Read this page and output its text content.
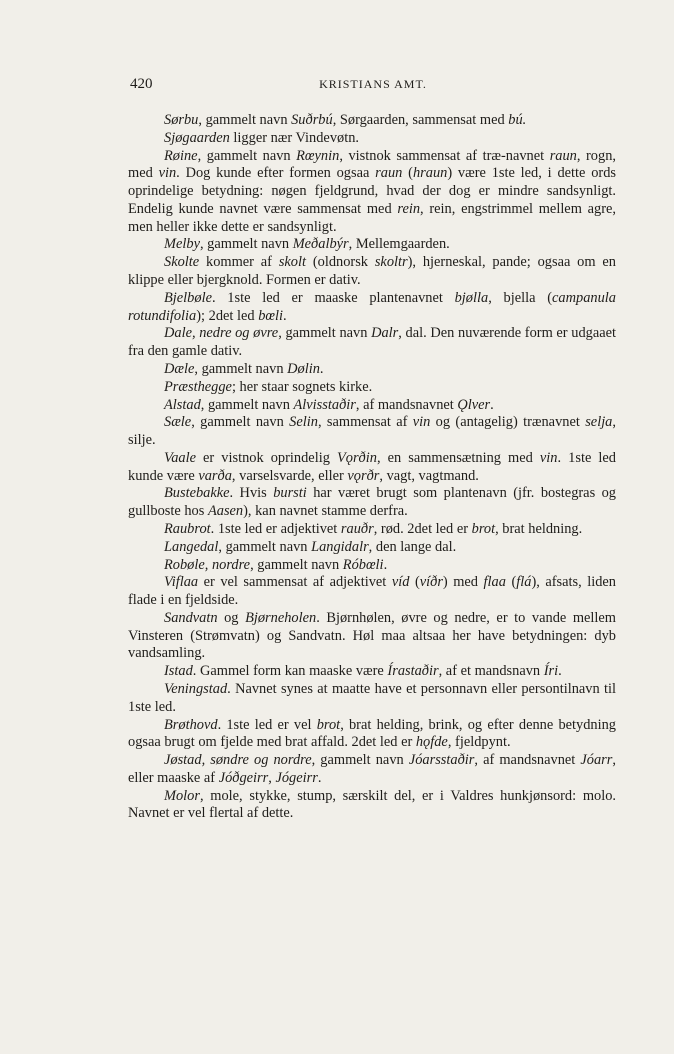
420	KRISTIANS AMT.

Sørbu, gammelt navn Suðrbú, Sørgaarden, sammensat med bú.

Sjøgaarden ligger nær Vindevøtn.

Røine, gammelt navn Rœynin, vistnok sammensat af træ-navnet raun, rogn, med vin. Dog kunde efter formen ogsaa raun (hraun) være 1ste led, i dette ords oprindelige betydning: nøgen fjeldgrund, hvad der dog er mindre sandsynligt. Endelig kunde navnet være sammensat med rein, rein, engstrimmel mellem agre, men heller ikke dette er sandsynligt.

Melby, gammelt navn Meðalbýr, Mellemgaarden.

Skolte kommer af skolt (oldnorsk skoltr), hjerneskal, pande; ogsaa om en klippe eller bjergknold. Formen er dativ.

Bjelbøle. 1ste led er maaske plantenavnet bjølla, bjella (campanula rotundifolia); 2det led bœli.

Dale, nedre og øvre, gammelt navn Dalr, dal. Den nuværende form er udgaaet fra den gamle dativ.

Dæle, gammelt navn Dølin.

Præsthegge; her staar sognets kirke.

Alstad, gammelt navn Alvisstaðir, af mandsnavnet Ǫlver.

Sæle, gammelt navn Selin, sammensat af vin og (antagelig) trænavnet selja, silje.

Vaale er vistnok oprindelig Vǫrðin, en sammensætning med vin. 1ste led kunde være varða, varselsvarde, eller vǫrðr, vagt, vagtmand.

Bustebakke. Hvis bursti har været brugt som plantenavn (jfr. bostegras og gullboste hos Aasen), kan navnet stamme derfra.

Raubrot. 1ste led er adjektivet rauðr, rød. 2det led er brot, brat heldning.

Langedal, gammelt navn Langidalr, den lange dal.

Robøle, nordre, gammelt navn Róbœli.

Viflaa er vel sammensat af adjektivet víd (víðr) med flaa (flá), afsats, liden flade i en fjeldside.

Sandvatn og Bjørneholen. Bjørnhølen, øvre og nedre, er to vande mellem Vinsteren (Strømvatn) og Sandvatn. Høl maa altsaa her have betydningen: dyb vandsamling.

Istad. Gammel form kan maaske være Írastaðir, af et mandsnavn Íri.

Veningstad. Navnet synes at maatte have et personnavn eller persontilnavn til 1ste led.

Brøthovd. 1ste led er vel brot, brat helding, brink, og efter denne betydning ogsaa brugt om fjelde med brat affald. 2det led er hǫfde, fjeldpynt.

Jøstad, søndre og nordre, gammelt navn Jóarsstaðir, af mandsnavnet Jóarr, eller maaske af Jóðgeirr, Jógeirr.

Molor, mole, stykke, stump, særskilt del, er i Valdres hunkjønsord: molo. Navnet er vel flertal af dette.
